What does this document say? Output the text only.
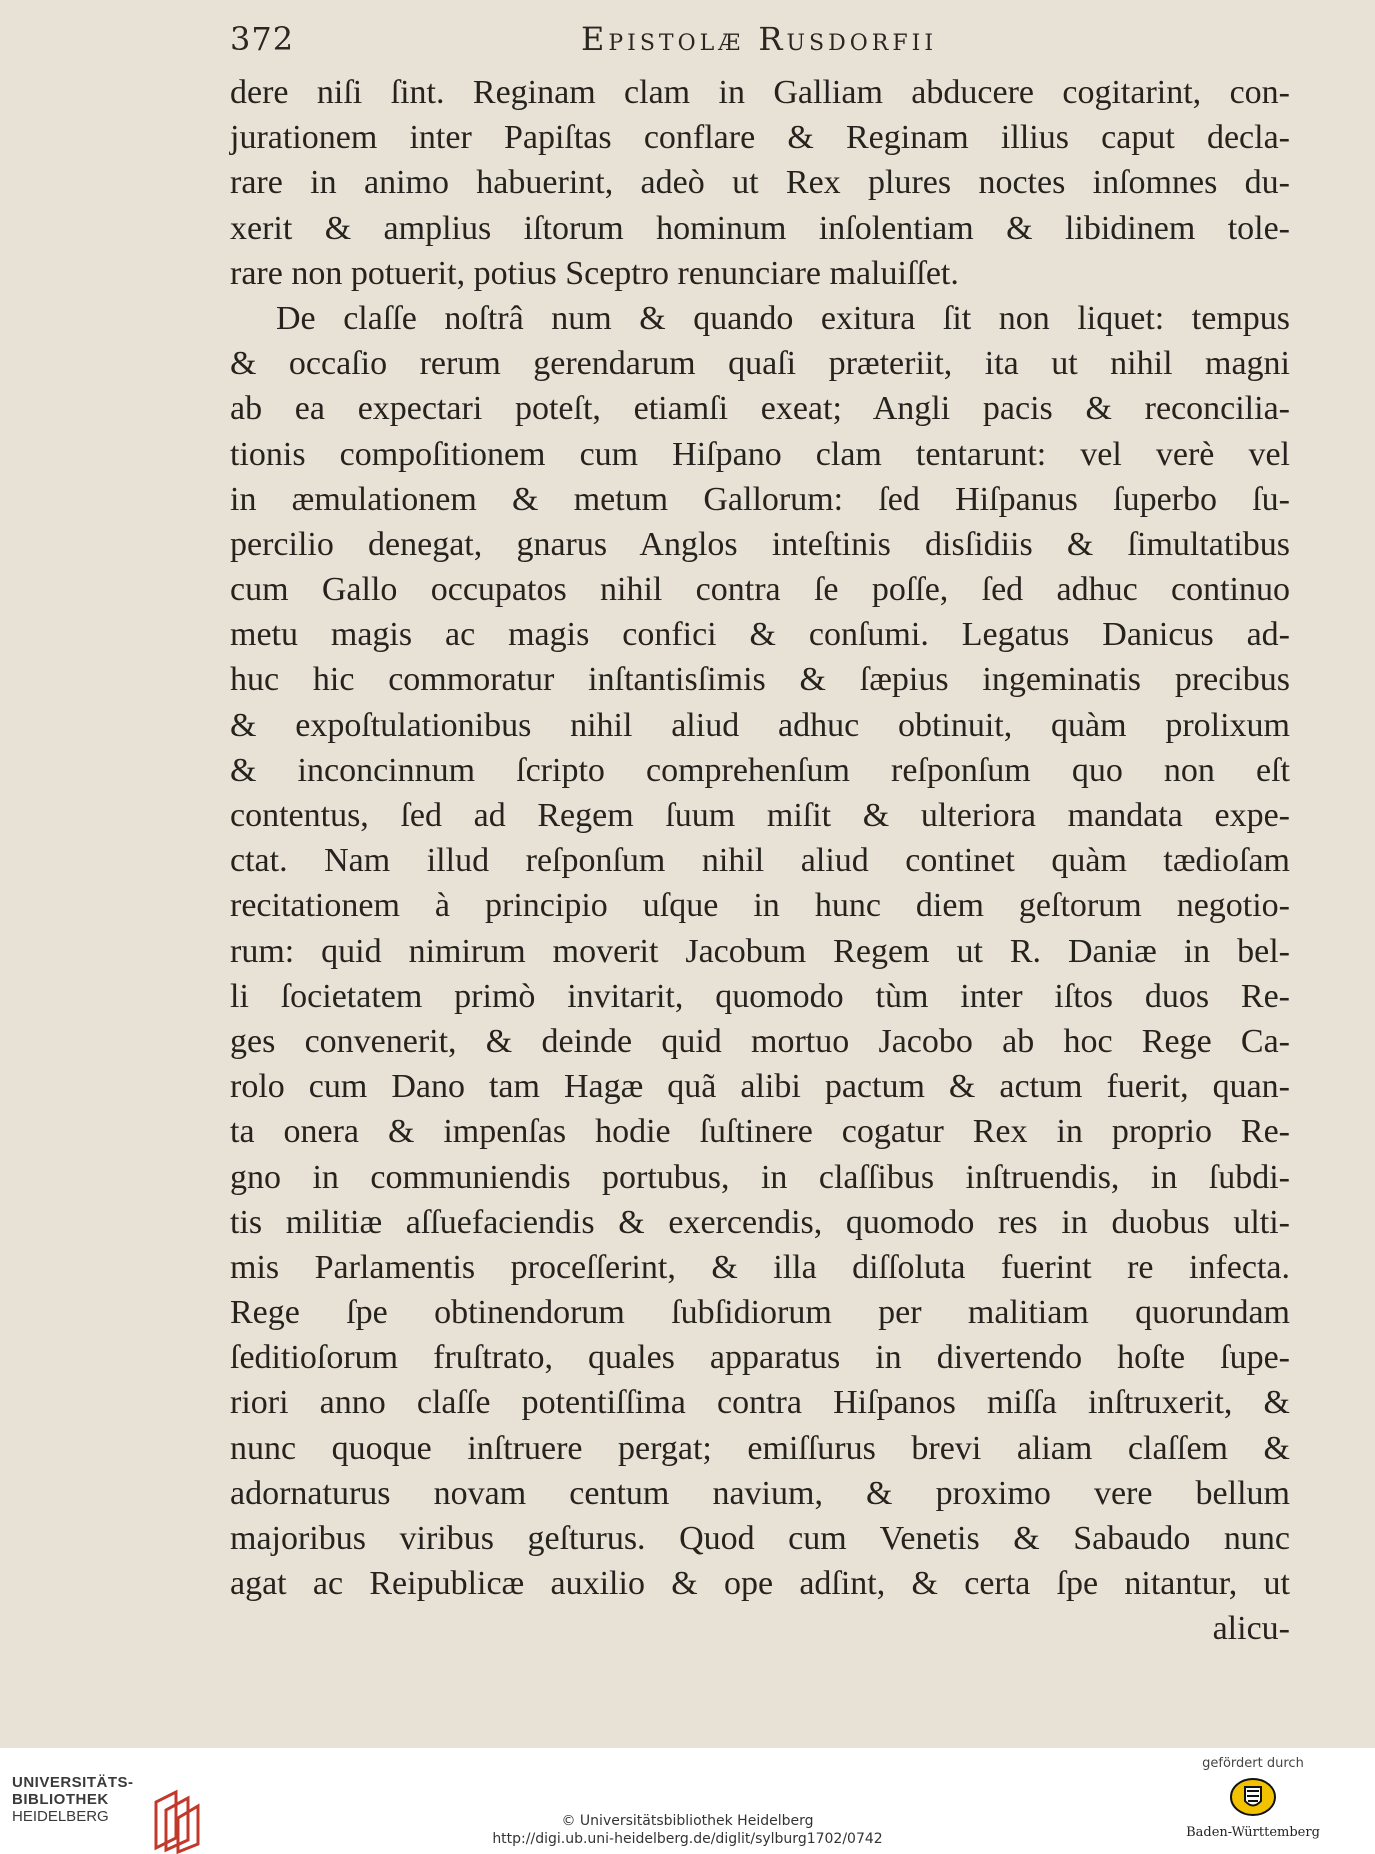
372	Epistolæ Rusdorfii
dere niſi ſint. Reginam clam in Galliam abducere cogitarint, con-
jurationem inter Papiſtas conflare & Reginam illius caput decla-
rare in animo habuerint, adeò ut Rex plures noctes inſomnes du-
xerit & amplius iſtorum hominum inſolentiam & libidinem tole-
rare non potuerit, potius Sceptro renunciare maluiſſet.
De claſſe noſtrâ num & quando exitura ſit non liquet: tempus
& occaſio rerum gerendarum quaſi præteriit, ita ut nihil magni
ab ea expectari poteſt, etiamſi exeat; Angli pacis & reconcilia-
tionis compoſitionem cum Hiſpano clam tentarunt: vel verè vel
in æmulationem & metum Gallorum: ſed Hiſpanus ſuperbo ſu-
percilio denegat, gnarus Anglos inteſtinis disſidiis & ſimultatibus
cum Gallo occupatos nihil contra ſe poſſe, ſed adhuc continuo
metu magis ac magis confici & conſumi. Legatus Danicus ad-
huc hic commoratur inſtantisſimis & ſæpius ingeminatis precibus
& expoſtulationibus nihil aliud adhuc obtinuit, quàm prolixum
& inconcinnum ſcripto comprehenſum reſponſum quo non eſt
contentus, ſed ad Regem ſuum miſit & ulteriora mandata expe-
ctat. Nam illud reſponſum nihil aliud continet quàm tædioſam
recitationem à principio uſque in hunc diem geſtorum negotio-
rum: quid nimirum moverit Jacobum Regem ut R. Daniæ in bel-
li ſocietatem primò invitarit, quomodo tùm inter iſtos duos Re-
ges convenerit, & deinde quid mortuo Jacobo ab hoc Rege Ca-
rolo cum Dano tam Hagæ quã alibi pactum & actum fuerit, quan-
ta onera & impenſas hodie ſuſtinere cogatur Rex in proprio Re-
gno in communiendis portubus, in claſſibus inſtruendis, in ſubdi-
tis militiæ aſſuefaciendis & exercendis, quomodo res in duobus ulti-
mis Parlamentis proceſſerint, & illa diſſoluta fuerint re infecta.
Rege ſpe obtinendorum ſubſidiorum per malitiam quorundam
ſeditioſorum fruſtrato, quales apparatus in divertendo hoſte ſupe-
riori anno claſſe potentiſſima contra Hiſpanos miſſa inſtruxerit, &
nunc quoque inſtruere pergat; emiſſurus brevi aliam claſſem &
adornaturus novam centum navium, & proximo vere bellum
majoribus viribus geſturus. Quod cum Venetis & Sabaudo nunc
agat ac Reipublicæ auxilio & ope adſint, & certa ſpe nitantur, ut
alicu-
UNIVERSITÄTS-
BIBLIOTHEK
HEIDELBERG	© Universitätsbibliothek Heidelberg
http://digi.ub.uni-heidelberg.de/diglit/sylburg1702/0742
gefördert durch
Baden-Württemberg
